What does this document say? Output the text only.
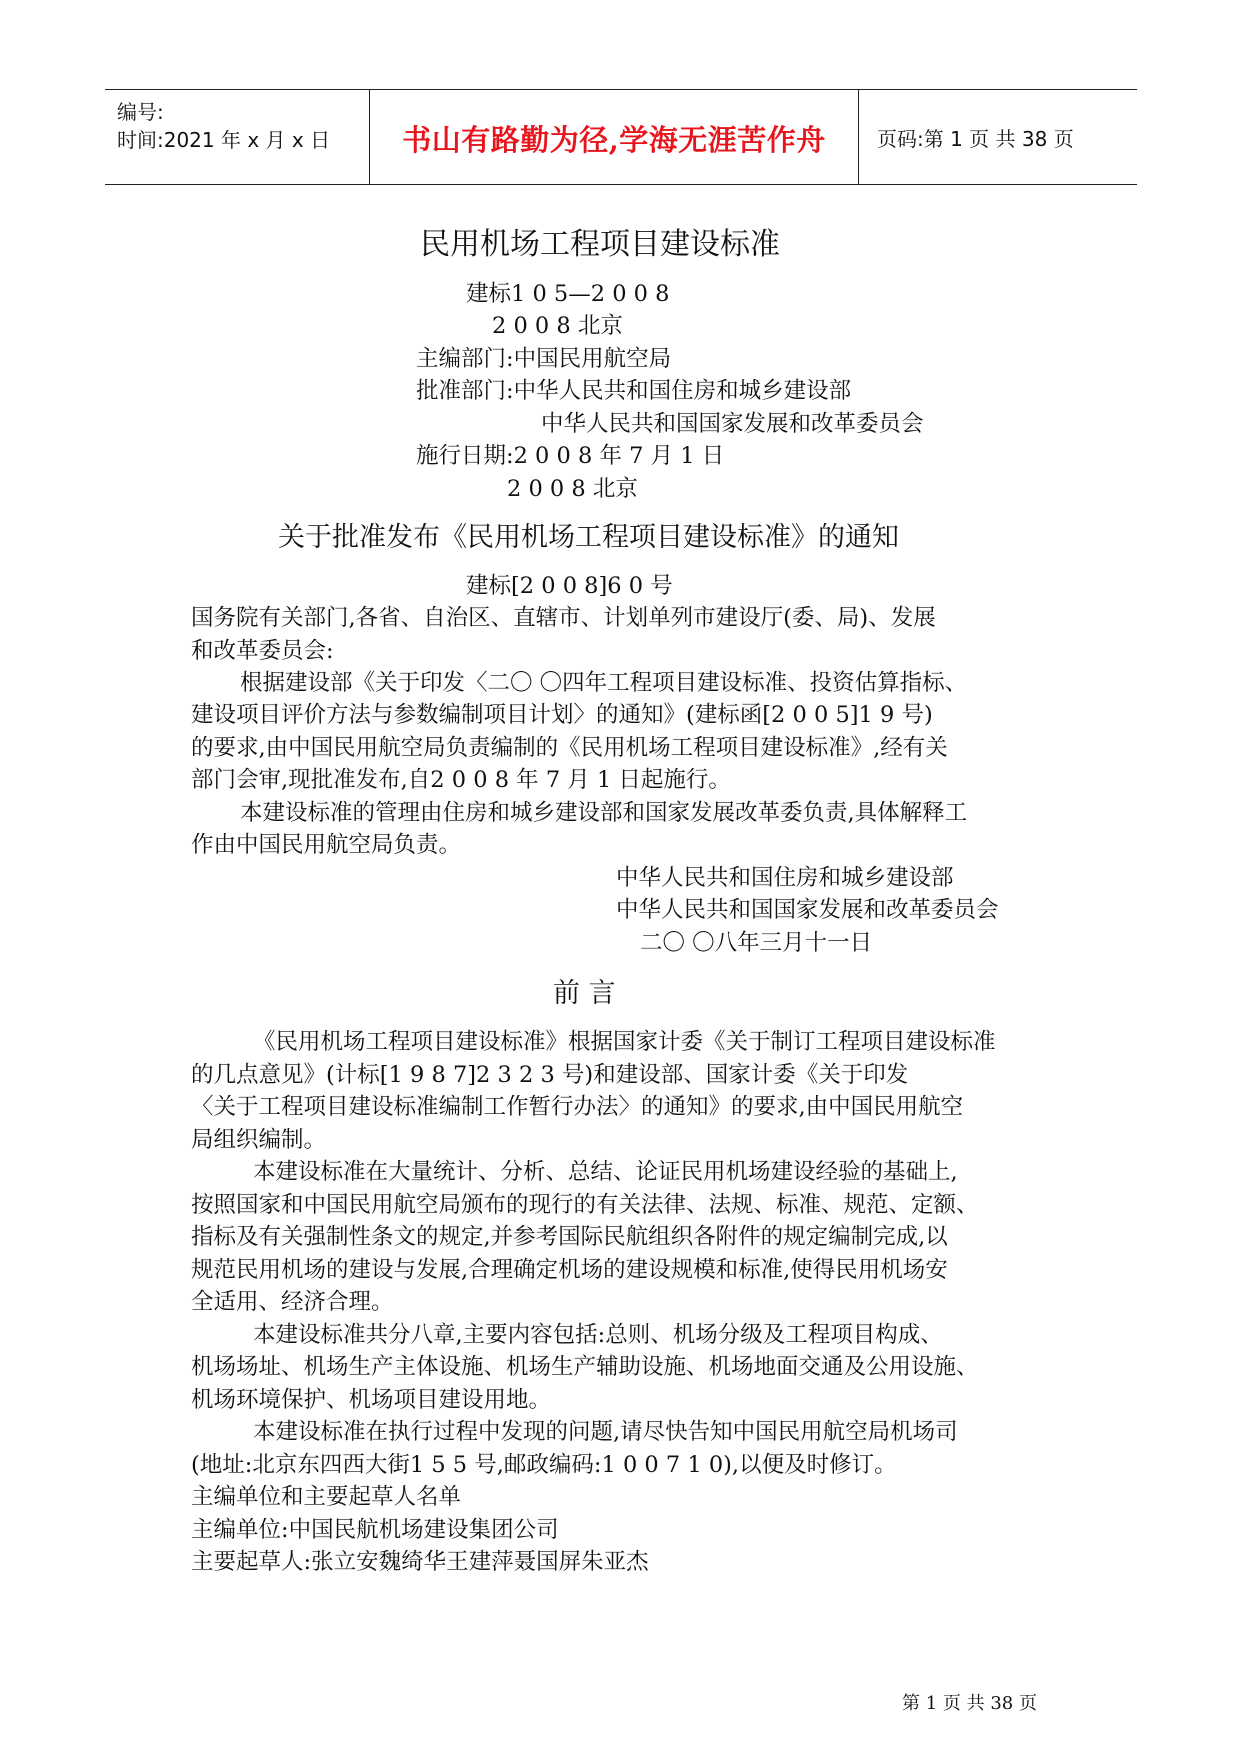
编号:
时间:2021 年 x 月 x 日	书山有路勤为径,学海无涯苦作舟	页码:第 1 页 共 38 页
民用机场工程项目建设标准
建标1 0 5—2 0 0 8
2 0 0 8 北京
主编部门:中国民用航空局
批准部门:中华人民共和国住房和城乡建设部
中华人民共和国国家发展和改革委员会
施行日期:2 0 0 8 年 7 月 1 日
2 0 0 8 北京
关于批准发布《民用机场工程项目建设标准》的通知
建标[2 0 0 8]6 0 号
国务院有关部门,各省、自治区、直辖市、计划单列市建设厅(委、局)、发展
和改革委员会:
根据建设部《关于印发〈二〇 〇四年工程项目建设标准、投资估算指标、
建设项目评价方法与参数编制项目计划〉的通知》(建标函[2 0 0 5]1 9 号)
的要求,由中国民用航空局负责编制的《民用机场工程项目建设标准》,经有关
部门会审,现批准发布,自2 0 0 8 年 7 月 1 日起施行。
本建设标准的管理由住房和城乡建设部和国家发展改革委负责,具体解释工
作由中国民用航空局负责。
中华人民共和国住房和城乡建设部
中华人民共和国国家发展和改革委员会
二〇 〇八年三月十一日
前 言
《民用机场工程项目建设标准》根据国家计委《关于制订工程项目建设标准
的几点意见》(计标[1 9 8 7]2 3 2 3 号)和建设部、国家计委《关于印发
〈关于工程项目建设标准编制工作暂行办法〉的通知》的要求,由中国民用航空
局组织编制。
本建设标准在大量统计、分析、总结、论证民用机场建设经验的基础上,
按照国家和中国民用航空局颁布的现行的有关法律、法规、标准、规范、定额、
指标及有关强制性条文的规定,并参考国际民航组织各附件的规定编制完成,以
规范民用机场的建设与发展,合理确定机场的建设规模和标准,使得民用机场安
全适用、经济合理。
本建设标准共分八章,主要内容包括:总则、机场分级及工程项目构成、
机场场址、机场生产主体设施、机场生产辅助设施、机场地面交通及公用设施、
机场环境保护、机场项目建设用地。
本建设标准在执行过程中发现的问题,请尽快告知中国民用航空局机场司
(地址:北京东四西大街1 5 5 号,邮政编码:1 0 0 7 1 0),以便及时修订。
主编单位和主要起草人名单
主编单位:中国民航机场建设集团公司
主要起草人:张立安魏绮华王建萍聂国屏朱亚杰
第 1 页 共 38 页
